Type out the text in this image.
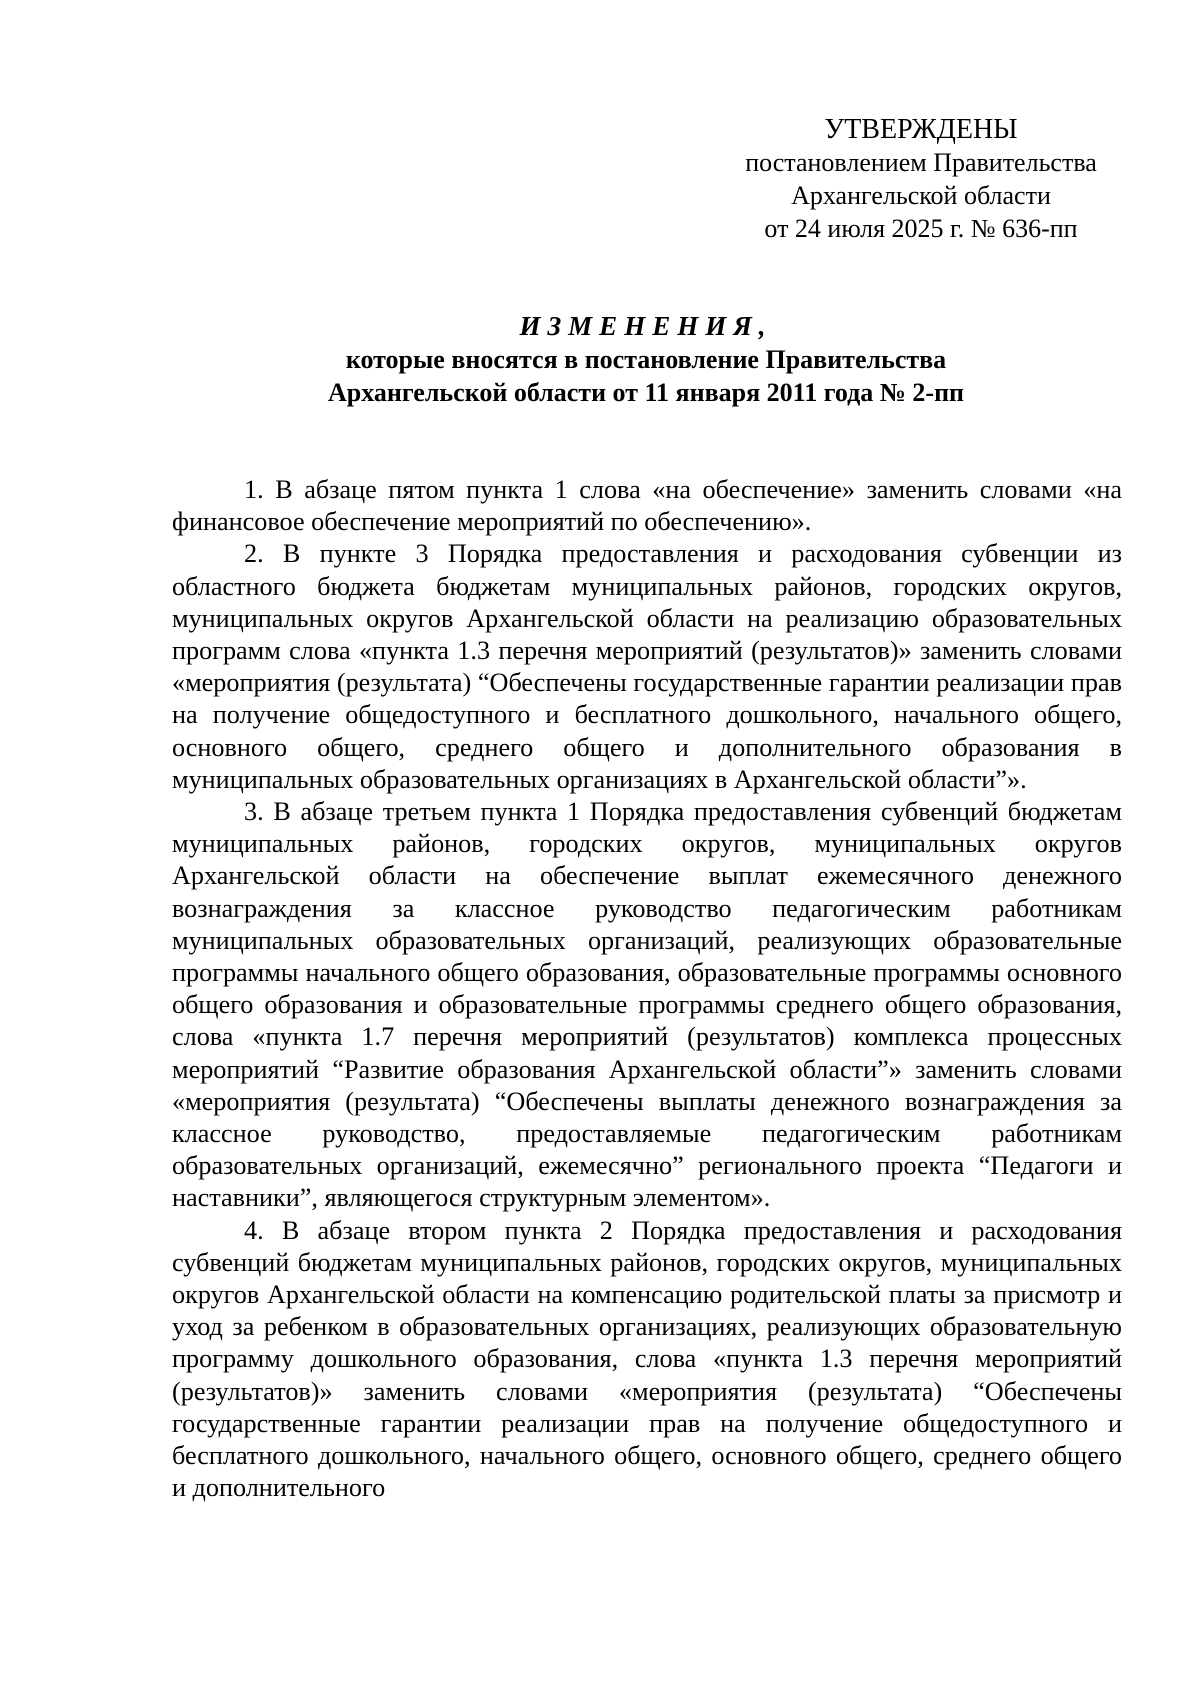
УТВЕРЖДЕНЫ
постановлением Правительства
Архангельской области
от 24 июля 2025 г. № 636-пп
ИЗМЕНЕНИЯ,
которые вносятся в постановление Правительства
Архангельской области от 11 января 2011 года № 2-пп

1. В абзаце пятом пункта 1 слова «на обеспечение» заменить словами «на финансовое обеспечение мероприятий по обеспечению».

2. В пункте 3 Порядка предоставления и расходования субвенции из областного бюджета бюджетам муниципальных районов, городских округов, муниципальных округов Архангельской области на реализацию образовательных программ слова «пункта 1.3 перечня мероприятий (результатов)» заменить словами «мероприятия (результата) “Обеспечены государственные гарантии реализации прав на получение общедоступного и бесплатного дошкольного, начального общего, основного общего, среднего общего и дополнительного образования в муниципальных образовательных организациях в Архангельской области”».

3. В абзаце третьем пункта 1 Порядка предоставления субвенций бюджетам муниципальных районов, городских округов, муниципальных округов Архангельской области на обеспечение выплат ежемесячного денежного вознаграждения за классное руководство педагогическим работникам муниципальных образовательных организаций, реализующих образовательные программы начального общего образования, образовательные программы основного общего образования и образовательные программы среднего общего образования, слова «пункта 1.7 перечня мероприятий (результатов) комплекса процессных мероприятий “Развитие образования Архангельской области”» заменить словами «мероприятия (результата) “Обеспечены выплаты денежного вознаграждения за классное руководство, предоставляемые педагогическим работникам образовательных организаций, ежемесячно” регионального проекта “Педагоги и наставники”, являющегося структурным элементом».

4. В абзаце втором пункта 2 Порядка предоставления и расходования субвенций бюджетам муниципальных районов, городских округов, муниципальных округов Архангельской области на компенсацию родительской платы за присмотр и уход за ребенком в образовательных организациях, реализующих образовательную программу дошкольного образования, слова «пункта 1.3 перечня мероприятий (результатов)» заменить словами «мероприятия (результата) “Обеспечены государственные гарантии реализации прав на получение общедоступного и бесплатного дошкольного, начального общего, основного общего, среднего общего и дополнительного
